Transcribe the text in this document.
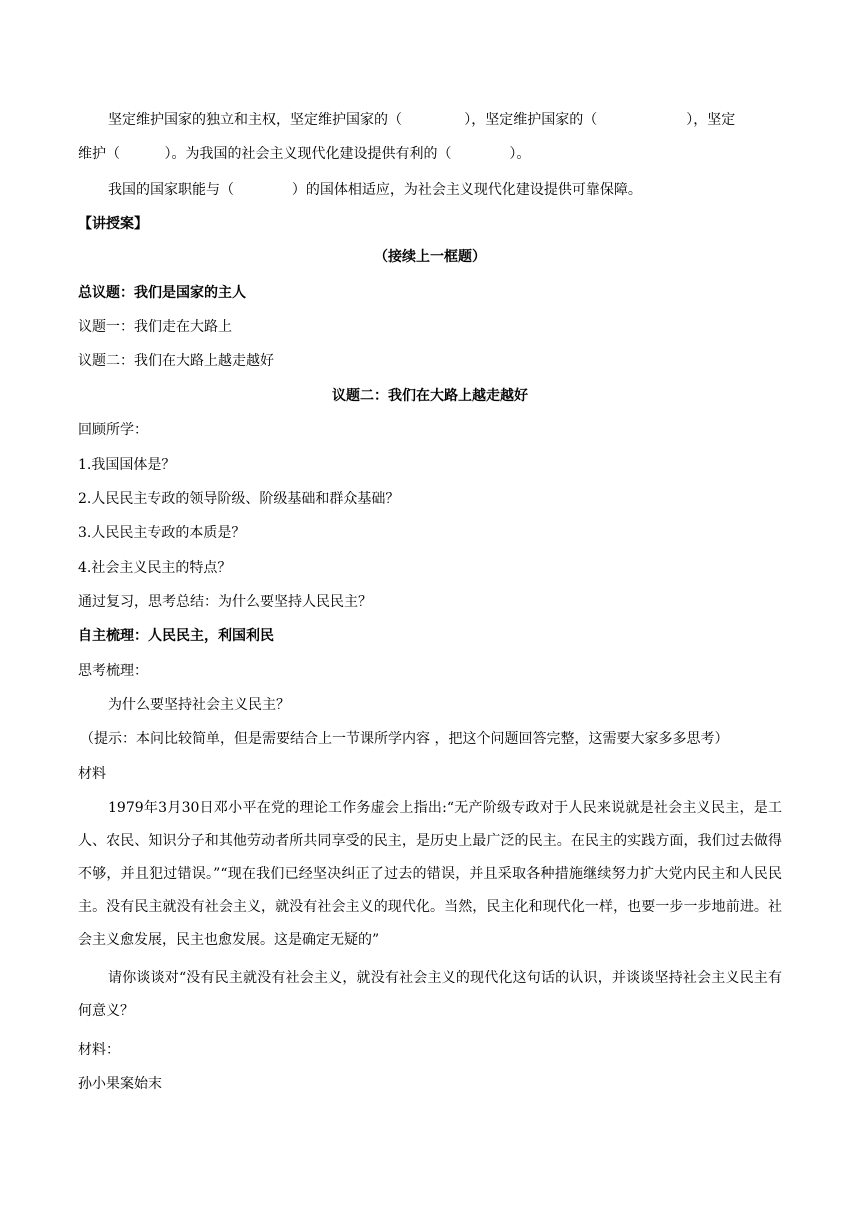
坚定维护国家的独立和主权，坚定维护国家的（              ），坚定维护国家的（                    ），坚定
维护（          ）。为我国的社会主义现代化建设提供有利的（             ）。
我国的国家职能与（             ）的国体相适应，为社会主义现代化建设提供可靠保障。
【讲授案】
（接续上一框题）
总议题：我们是国家的主人
议题一：我们走在大路上
议题二：我们在大路上越走越好
议题二：我们在大路上越走越好
回顾所学：
1.我国国体是？
2.人民民主专政的领导阶级、阶级基础和群众基础？
3.人民民主专政的本质是？
4.社会主义民主的特点？
通过复习，思考总结：为什么要坚持人民民主？
自主梳理：人民民主，利国利民
思考梳理：
为什么要坚持社会主义民主？
（提示：本问比较简单，但是需要结合上一节课所学内容 ，把这个问题回答完整，这需要大家多多思考）
材料
1979年3月30日邓小平在党的理论工作务虚会上指出:“无产阶级专政对于人民来说就是社会主义民主，是工人、农民、知识分子和其他劳动者所共同享受的民主，是历史上最广泛的民主。在民主的实践方面，我们过去做得不够，并且犯过错误。”“现在我们已经坚决纠正了过去的错误，并且采取各种措施继续努力扩大党内民主和人民民主。没有民主就没有社会主义，就没有社会主义的现代化。当然，民主化和现代化一样，也要一步一步地前进。社会主义愈发展，民主也愈发展。这是确定无疑的”
请你谈谈对“没有民主就没有社会主义，就没有社会主义的现代化这句话的认识，并谈谈坚持社会主义民主有何意义？
材料：
孙小果案始末
